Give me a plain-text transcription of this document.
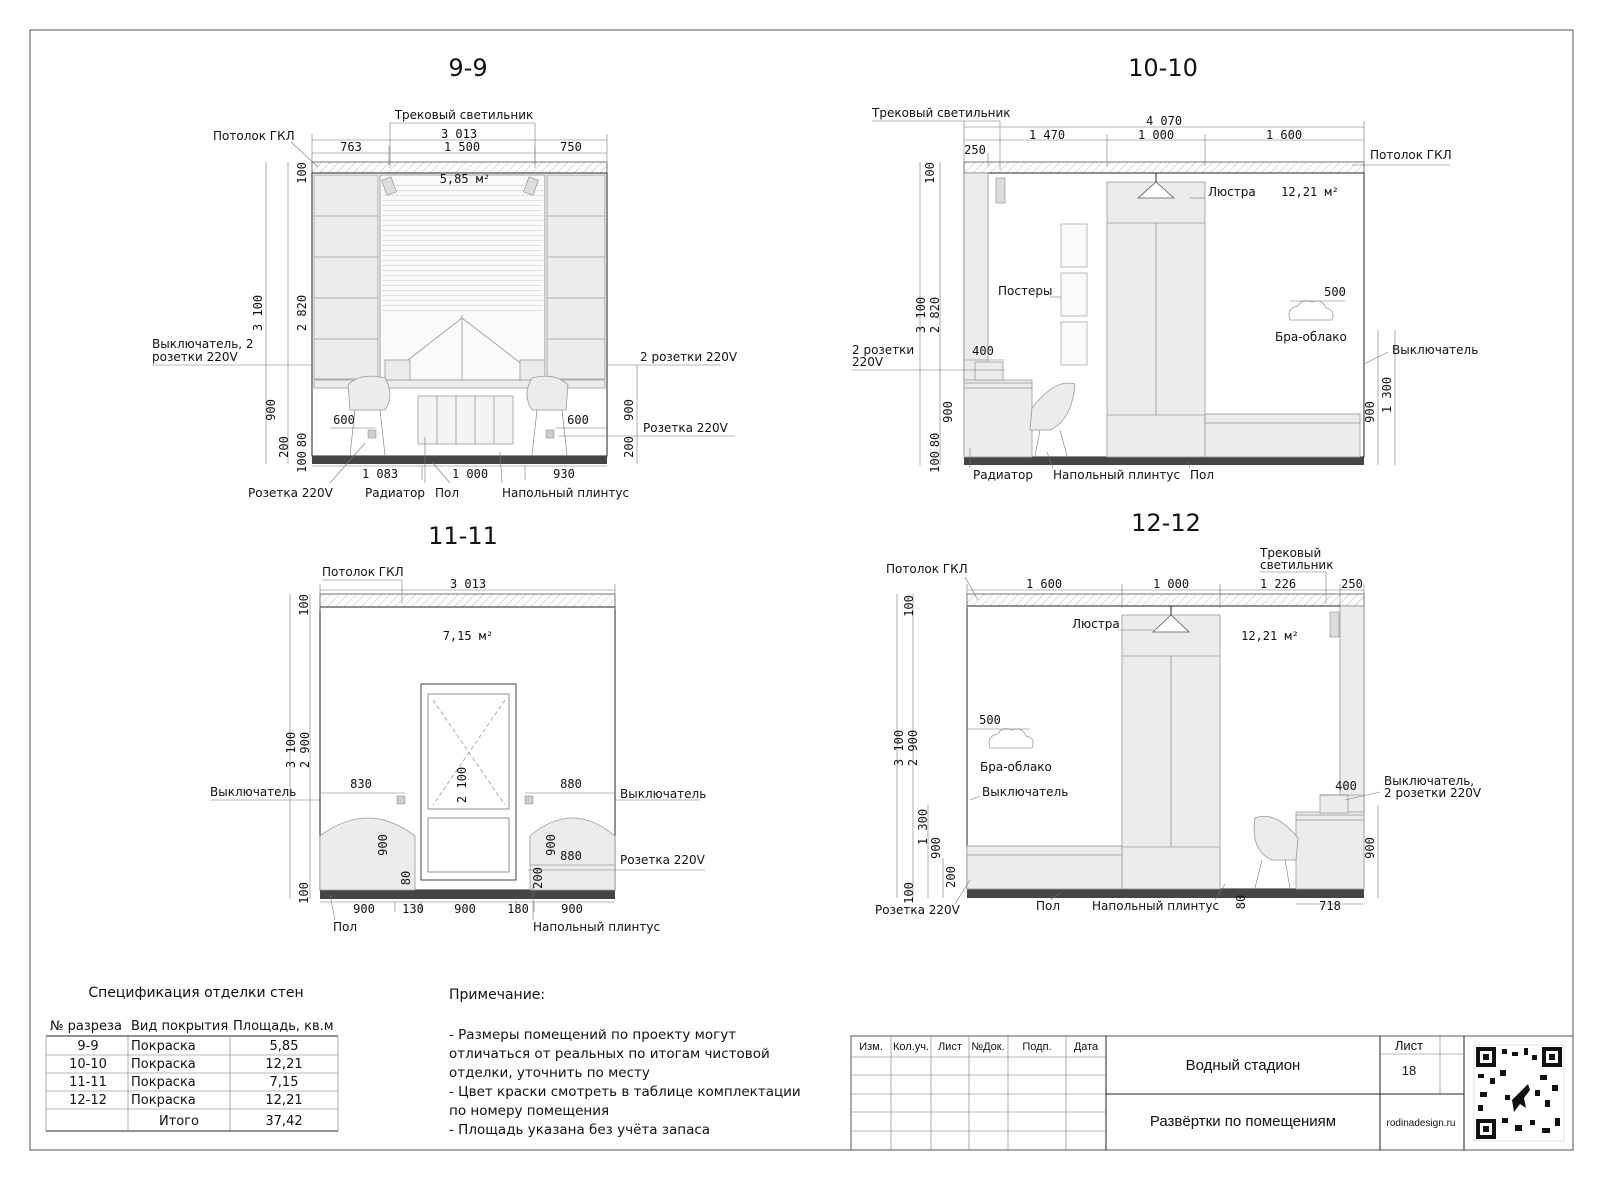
9-9
3 013
763	1 500	750
Трековый светильник
Потолок ГКЛ
5,85 м²
3 100
100
2 820
900
200 80
100
900
200
600	600
Выключатель, 2
розетки 220V	2 розетки 220V
Розетка 220V
1 083	1 000	930
Розетка 220V	Радиатор Пол	Напольный плинтус
10-10
4 070
250
1 470	1 000	1 600
Трековый светильник
Потолок ГКЛ
Люстра 12,21 м²
Постеры	500
Бра-облако
2 розетки
220V
400	Выключатель
100
3 100 2 820
900
80
100
900 1 300
Радиатор Напольный плинтус Пол
11-11
3 013
Потолок ГКЛ
7,15 м²
100
3 100 2 900
100
2 100
900
80
900
200
830	880
880
Выключатель	Выключатель
Розетка 220V
900 130	900	180	900
Пол	Напольный плинтус
12-12
1 600	1 000	1 226	250
Потолок ГКЛ
Трековый
светильник
Люстра
12,21 м²
500
Бра-облако
Выключатель	400 Выключатель,
2 розетки 220V
100
3 100 2 900
1 300
900
200
100
900
80
Розетка 220V	Пол	Напольный плинтус	718
Спецификация отделки стен
№ разреза Вид покрытия Площадь, кв.м
9-9 Покраска	5,85
10-10 Покраска	12,21
11-11 Покраска	7,15
12-12 Покраска	12,21
Итого	37,42
Примечание:
- Размеры помещений по проекту могут
отличаться от реальных по итогам чистовой
отделки, уточнить по месту
- Цвет краски смотреть в таблице комплектации
по номеру помещения
- Площадь указана без учёта запаса
Изм. Кол.уч. Лист №Док. Подп. Дата
Водный стадион
Развёртки по помещениям
Лист
18
rodinadesign.ru
